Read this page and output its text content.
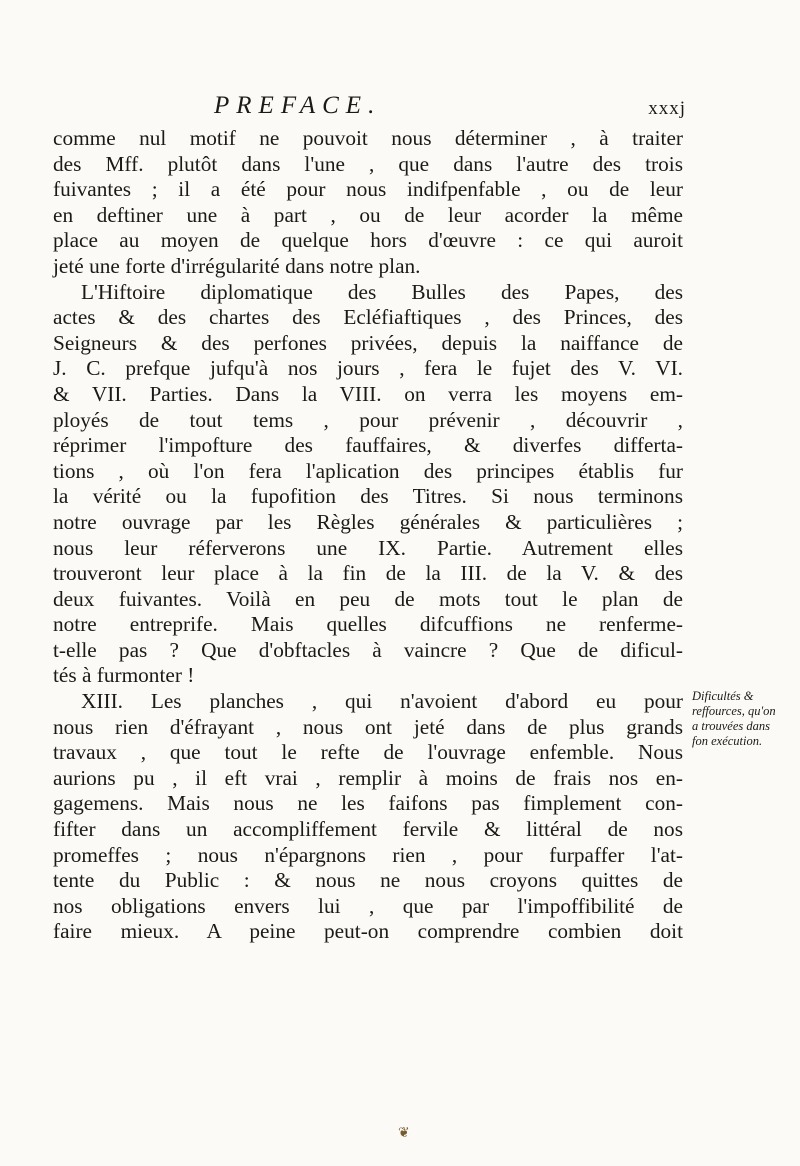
PREFACE.	xxxj
comme nul motif ne pouvoit nous déterminer , à traiter
des Mff. plutôt dans l'une , que dans l'autre des trois
fuivantes ; il a été pour nous indifpenfable , ou de leur
en deftiner une à part , ou de leur acorder la même
place au moyen de quelque hors d'œuvre : ce qui auroit
jeté une forte d'irrégularité dans notre plan.
L'Hiftoire diplomatique des Bulles des Papes, des
actes & des chartes des Ecléfiaftiques , des Princes, des
Seigneurs & des perfones privées, depuis la naiffance de
J. C. prefque jufqu'à nos jours , fera le fujet des V. VI.
& VII. Parties. Dans la VIII. on verra les moyens em-
ployés de tout tems , pour prévenir , découvrir ,
réprimer l'impofture des fauffaires, & diverfes differta-
tions , où l'on fera l'aplication des principes établis fur
la vérité ou la fupofition des Titres. Si nous terminons
notre ouvrage par les Règles générales & particulières ;
nous leur réferverons une IX. Partie. Autrement elles
trouveront leur place à la fin de la III. de la V. & des
deux fuivantes. Voilà en peu de mots tout le plan de
notre entreprife. Mais quelles difcuffions ne renferme-
t-elle pas ? Que d'obftacles à vaincre ? Que de dificul-
tés à furmonter !
XIII. Les planches , qui n'avoient d'abord eu pour
nous rien d'éfrayant , nous ont jeté dans de plus grands
travaux , que tout le refte de l'ouvrage enfemble. Nous
aurions pu , il eft vrai , remplir à moins de frais nos en-
gagemens. Mais nous ne les faifons pas fimplement con-
fifter dans un accompliffement fervile & littéral de nos
promeffes ; nous n'épargnons rien , pour furpaffer l'at-
tente du Public : & nous ne nous croyons quittes de
nos obligations envers lui , que par l'impoffibilité de
faire mieux. A peine peut-on comprendre combien doit
Dificultés &
reffources, qu'on
a trouvées dans
fon exécution.
❦
